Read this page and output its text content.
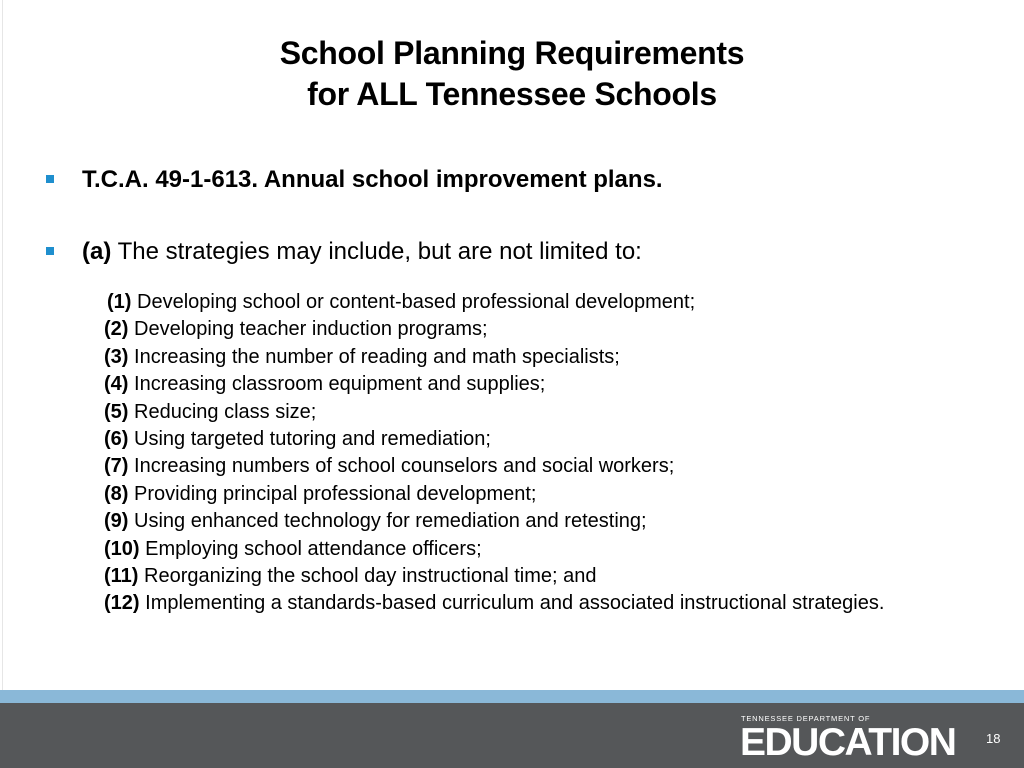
School Planning Requirements
for ALL Tennessee Schools
T.C.A. 49-1-613. Annual school improvement plans.
(a) The strategies may include, but are not limited to:
(1) Developing school or content-based professional development;
(2) Developing teacher induction programs;
(3) Increasing the number of reading and math specialists;
(4) Increasing classroom equipment and supplies;
(5) Reducing class size;
(6) Using targeted tutoring and remediation;
(7) Increasing numbers of school counselors and social workers;
(8) Providing principal professional development;
(9) Using enhanced technology for remediation and retesting;
(10) Employing school attendance officers;
(11) Reorganizing the school day instructional time; and
(12) Implementing a standards-based curriculum and associated instructional strategies.
TENNESSEE DEPARTMENT OF
EDUCATION 18
